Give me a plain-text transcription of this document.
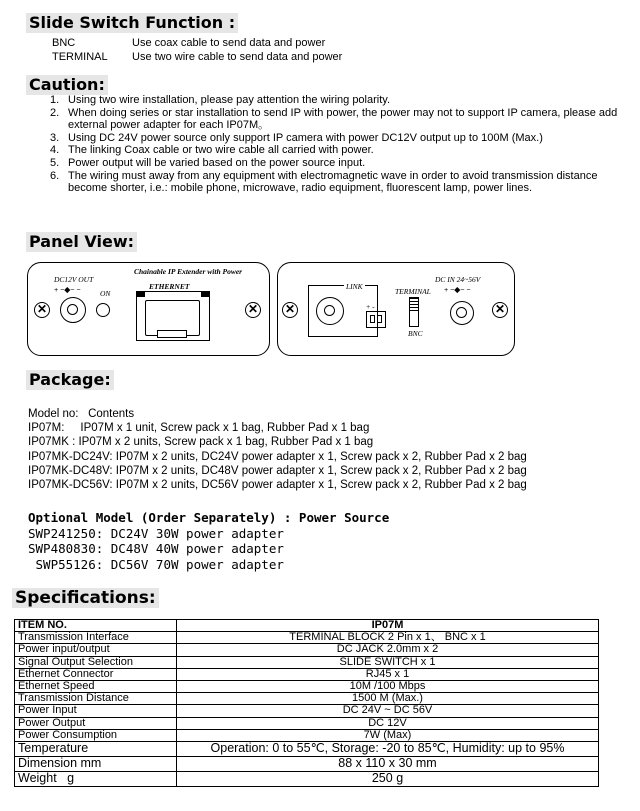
Slide Switch Function :
BNC	Use coax cable to send data and power
TERMINAL	Use two wire cable to send data and power
Caution:
1. Using two wire installation, please pay attention the wiring polarity.
2. When doing series or star installation to send IP with power, the power may not to support IP camera, please add external power adapter for each IP07M。
3. Using DC 24V power source only support IP camera with power DC12V output up to 100M (Max.)
4. The linking Coax cable or two wire cable all carried with power.
5. Power output will be varied based on the power source input.
6. The wiring must away from any equipment with electromagnetic wave in order to avoid transmission distance become shorter, i.e.: mobile phone, microwave, radio equipment, fluorescent lamp, power lines.
Panel View:
DC12V OUT
+ −◆− −	ON
Chainable IP Extender with Power
ETHERNET
✕	✕ ✕
LINK
+ -
TERMINAL
BNC
DC IN 24~56V
+ −◆− −
✕
Package:
Model no:   Contents
IP07M:     IP07M x 1 unit, Screw pack x 1 bag, Rubber Pad x 1 bag
IP07MK : IP07M x 2 units, Screw pack x 1 bag, Rubber Pad x 1 bag
IP07MK-DC24V: IP07M x 2 units, DC24V power adapter x 1, Screw pack x 2, Rubber Pad x 2 bag
IP07MK-DC48V: IP07M x 2 units, DC48V power adapter x 1, Screw pack x 2, Rubber Pad x 2 bag
IP07MK-DC56V: IP07M x 2 units, DC56V power adapter x 1, Screw pack x 2, Rubber Pad x 2 bag
Optional Model (Order Separately) : Power Source
SWP241250: DC24V 30W power adapter
SWP480830: DC48V 40W power adapter
SWP55126: DC56V 70W power adapter
Specifications:
ITEM NO.	IP07M
Transmission Interface	TERMINAL BLOCK 2 Pin x 1、 BNC x 1
Power input/output	DC JACK 2.0mm x 2
Signal Output Selection	SLIDE SWITCH x 1
Ethernet Connector	RJ45 x 1
Ethernet Speed	10M /100 Mbps
Transmission Distance	1500 M (Max.)
Power Input	DC 24V ~ DC 56V
Power Output	DC 12V
Power Consumption	7W (Max)
Temperature	Operation: 0 to 55℃, Storage: -20 to 85℃, Humidity: up to 95%
Dimension mm	88 x 110 x 30 mm
Weight   g	250 g
